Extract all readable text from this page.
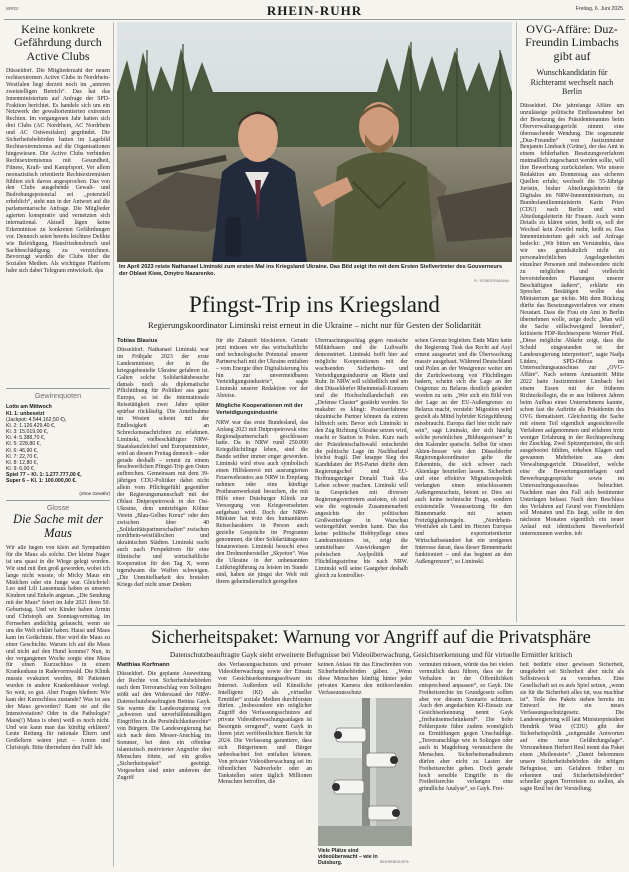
WRGI	RHEIN-RUHR	Freitag, 6. Juni 2025
Keine konkrete Gefährdung durch Active Clubs
Düsseldorf. Die Mitgliederzahl der neuen rechtsextremen Active Clubs in Nordrhein-Westfalen liegt derzeit noch im „unteren zweistelligen Bereich“. Das hat das Innenministerium auf Anfrage der SPD-Fraktion berichtet. Es handele sich um ein Netzwerk der gewaltorientierten extremen Rechten. Im vergangenen Jahr hatten sich drei Clubs (AC Nordrhein, AC Nordrhein und AC Ostwestfalen) gegründet. Die Sicherheitsbehörden hatten im Lagebild Rechtsextremismus auf die Organisationen hingewiesen. Die Active Clubs verbinden Rechtsextremismus mit Gesundheit, Fitness, Kraft- und Kampfsport. Vor allem neonazistisch orientierte Rechtsextremisten fühlten sich davon angesprochen. Das von den Clubs ausgehende Gewalt- und Bedrohungspotenzial sei „potenziell erheblich“, steht nun in der Antwort auf die parlamentarische Anfrage. Die Mitglieder agierten konspirativ und vernetzten sich international. Aktuell lägen keine Erkenntnisse zu konkreten Gefährdungen vor. Dennoch seien bereits leichtere Delikte wie Beleidigung, Hausfriedensbruch und Sachbeschädigung zu verzeichnen. Bevorzugt wurden die Clubs über die Sozialen Medien. Als wichtigste Plattform habe sich dabei Telegram entwickelt. dpa
Gewinnquoten
Lotto am Mittwoch
Kl. 1: unbesetzt
(Jackpot: 4.544.162,50 €),
Kl. 2: 1.126.429,40 €,
Kl. 3: 15.019,00 €,
Kl. 4: 5.388,70 €,
Kl. 5: 228,80 €,
Kl. 6: 46,90 €,
Kl. 7: 22,70 €,
Kl. 8: 12,80 €,
Kl. 9: 6,00 €,
Spiel 77 – Kl. 1: 1.277.777,00 €,
Super 6 – Kl. 1: 100.000,00 €.
(ohne Gewähr)
Glosse
Die Sache mit der Maus
Wir alle hegen von klein auf Sympathien für die Maus als solche. Der kleine Nager ist uns quasi in die Wiege gelegt worden. Wir sind mit ihm groß geworden, wobei ich lange nicht wusste, ob Micky Maus ein Mädchen oder ein Junge war. Gleichviel: Leo und Lili Lausemaus haben es unseren Kindern und Enkeln angetan. „Die Sendung mit der Maus“ feiert im Jahr 2021 ihren 50. Geburtstag. Und wir Kinder haben Armin und Christoph am Sonntagvormittag im Fernsehen andächtig gelauscht, wenn sie uns die Welt erklärt haben. Hausi und Maus kam im Gedächtnis. Hier wird die Maus zu einer Geschichte. Warum ich auf die Maus und nicht auf den Hund komme? Nun, in der vergangenen Woche sorgte eine Maus für einen Kurzschluss in einem Krankenhaus in Radevormwald. Die Klinik musste evakuiert werden, 80 Patienten wurden in andere Krankenhäuser verlegt. So weit, so gut. Aber Fragen bleiben: Wie kam der Kurzschluss zustande? Was ist aus der Maus geworden? Kam sie auf die Intensivstation? Oder in die Pathologie? Maus(!) Maus is oben) weiß es noch nicht. Und wie kann man das künftig erklären? Leute Rettung für rationale Eltern und Großeltern wären jetzt – Armin und Christoph. Bitte übernehmt den Fall! hds
Im April 2023 reiste Nathanael Liminski zum ersten Mal ins Kriegsland Ukraine. Das Bild zeigt ihn mit dem Ersten Stellvertreter des Gouverneurs der Oblast Kiew, Dmytro Nazarenko.
R. SONDERMANN
Pfingst-Trip ins Kriegsland
Regierungskoordinator Liminski reist erneut in die Ukraine – nicht nur für Gesten der Solidarität
Tobias Blasius
Düsseldorf. Nathanael Liminski war im Frühjahr 2023 der erste Landesminister, der in die kriegsgebeutelte Ukraine gefahren ist. Galten solche Solidaritätsbesuche damals noch als diplomatische Pflichtübung für Politiker aus ganz Europa, so ist die internationale Reisetätigkeit zwei Jahre später spürbar rückläufig. Die Anteilnahme im Westen scheint mit der Endlosigkeit an Schreckensnachrichten zu erlahmen. Liminski, vielbeschäftigter NRW-Staatskanzleichef und Europaminister, wird an diesem Freitag dennoch – oder gerade deshalb – erneut zu einem beschwerlichen Pfingst-Trip gen Osten aufbrechen. Gemeinsam mit dem 39-jährigen CDU-Politiker dabei nicht allein vom Pflichtgefühl gegenüber der Regierungsmannschaft mit der Oblast Dnipropetrowsk in der Ost-Ukraine, dem umtriebigen Kölner Verein „Blau-Gelbes Kreuz“ oder den zwischen über 40 „Solidaritätspartnerschaften“ zwischen nordrhein-westfälischen und ukrainischen Städten. Liminski sucht auch nach Perspektiven für eine filmtische und wirtschaftliche Kooperation für den Tag X, wenn irgendwann die Waffen schweigen. „Die Unmittelbarkeit des brutalen Kriegs darf nicht unser Denken
für die Zukunft blockieren. Gerade jetzt müssen wir das wirtschaftliche und technologische Potenzial unserer Partnerschaft mit der Ukraine entfalten – vom Energie über Digitalisierung bis hin zur unvermeidbaren Verteidigungsindustrie“, sagte Liminski unserer Redaktion vor der Abreise.
Mögliche Kooperationen mit der Verteidigungsindustrie
NRW war das erste Bundesland, das Anfang 2023 mit Dnipropetrowsk eine Regionalpartnerschaft geschlossen hatte. Da in NRW rund 250.000 Kriegsflüchtlinge leben, sind die Bande seither immer enger geworden. Liminski wird etwa auch symbolisch einen Hilfskonvoi mit ausrangierten Feuerwehrautos aus NRW in Empfang nehmen oder eine künftige Prothesenwerkstatt besuchen, die mit Hilfe einer Duisburger Klinik zur Versorgung von Kriegsversehrten aufgebaut wird. Doch der NRW-Minister hat trotz des humanitären Reisecharakters in Person auch gezielte Gespräche im Programm genommen, die über Solidaritätsgesten hinausweisen. Liminski besucht etwa den Drohnenhersteller „Skyeton“. Was die Ukraine in der unbenannten Luftkriegführung zu leisten im Stande sind, haben sie jüngst der Welt mit ihrem geheimdienstlich geregelten
Überraschungsschlag gegen russische Militärbasen und die Luftwaffe demonstriert. Liminski hofft hier auf mögliche Kooperationen mit der wachsenden Sicherheits- und Verteidigungsindustrie an Rhein und Ruhr. In NRW soll schließlich und um den Düsseldorfer Rheinmetall-Konzern und die Hochschullandschaft ein „Defense Cluster“ gestärkt werden. So makaber es klingt: Praxiserfahrene ukrainische Partner können da extrem hilfreich sein. Bevor sich Liminski in den Zug Richtung Ukraine setzen wird, macht er Station in Polen. Kurz nach der Präsidentschaftswahl entscheidet die politische Lage im Nachbarland höchst fragil. Der knappe Sieg des Kandidaten der PiS-Partei dürfte dem Regierungschef und EU-Hoffnungsträger Donald Tusk das Leben schwer machen. Liminski will in Gesprächen mit diversen Regierungsvertretern ausloten, ob und wie die regionale Zusammenarbeit angesichts der politischen Großwetterlage in Warschau weitergeführt werden kann. Das das keine politische Hobbypflege eines Landesministers ist, zeigt die unmittelbare Auswirkungen der polnischen Asylpolitik auf Flüchtlingsströme bis nach NRW. Liminski will seine Gastgeber deshalb gleich zu kontrollier-
schen Grenze begleiten. Ende März hatte die Regierung Tusk das Recht auf Asyl erneut ausgesetzt und die Überwachung massiv ausgebaut. Während Deutschland und Polen an der Westgrenze weiter um die Zurückweisung von Flüchtlingen hadern, scheint sich die Lage an der Ostgrenze zu Belarus deutlich geändert worden zu sein. „Wer sich ein Bild von der Lage an der EU-Außengrenze zu Belarus macht, versteht: Migration wird gezielt als Mittel hybrider Kriegsführung missbraucht. Europa darf hier nicht naiv sein“, sagt Liminski, der sich häufig solche persönlichen „Bildungsreisen“ in den Kalender quetscht. Selbst für einen Akten-fresser wie den Düsseldorfer Regierungskoordinator gelte die Erkenntnis, die sich schwer nach Aktenlage beurteilen lassen. Sicherheit und eine effektive Migrationspolitik verlangten einen entschlossenen Außengrenzschutz, betont er. Dies sei auch keine technische Frage, sondern existenzielle Voraussetzung für den Binnenmarkt mit seinen Freizügigkeitsregeln. „Nordrhein-Westfalen als Land im Herzen Europas und exportorientierter Wirtschaftsstandort hat ein ureigenes Interesse daran, dass dieser Binnenmarkt funktioniert – und das beginnt an den Außengrenzen“, so Liminski.
OVG-Affäre: Duz-Freundin Limbachs gibt auf
Wunschkandidatin für Richteramt wechselt nach Berlin
Düsseldorf. Die jahrelange Affäre um unzulässige politische Einflussnahme bei der Besetzung des Präsidentenamtes beim Oberverwaltungsgericht nimmt eine überraschende Wendung. Die sogenannte „Duz-Freundin“ von Justizminister Benjamin Limbach (Grüne), der das Amt in einem fehlerhaften Besetzungsverfahren mutmaßlich zugeschanzt werden sollte, will ihre Bewerbung zurückziehen. Wie unsere Redaktion am Donnerstag aus sicheren Quellen erfuhr, wechselt die 55-Jährige Juristin, bisher Abteilungsleiterin für Digitales im NRW-Innenministerium, zu Bundesfamilienministerin Karin Prien (CDU) nach Berlin und wird Abteilungsleiterin für Frauen. Auch wenn Details zu klären seien, heißt es, soll der Wechsel kein Zweifel mehr, heißt es. Das Innenministerium gab sich auf Anfrage bedeckt: „Wir bitten um Verständnis, dass wir uns grundsätzlich nicht zu personalrechtlichen Angelegenheiten einzelner Personen und insbesondere nicht zu möglichen und vielleicht bevorstehenden Planungen unserer Beschäftigten äußern“, erklärte ein Sprecher. Bestätigen wollte das Ministerium gar nichts. Mit dem Rückzug dürfte das Besetzungsverfahren vor einem Neustart. Dass die Frau ein Amt in Berlin übernehmen wolle, zeige doch: „Man will die Sache stillschweigend beenden“, kritisierte FDP-Rechtsexperte Werner Pfeil. „Diese mögliche Abkehr zeigt, dass die Schuld eingestanden ist der Landesregierung interpretiert“, sagte Nadja Lüders, SPD-Obfrau im Untersuchungsausschuss zur „OVG-Affäre“. Nach seinem Amtsantritt Mitte 2022 hatte Justizminister Limbach bei einem Essen mit der früheren Richterkollegin, die er aus früheren Jahren beim Aufbau eines Unternehmens kannte, schon fast die Auftritte als Präsidentin des OVG thematisiert. Gleichzeitig die Sache mit einem Teil eigentlich angesichtsvolle Verfahren aufgenommen und erfahren trotz weniger Erfahrung in der Rechtsprechung der Zuschlag. Zwei Spitzenjuristen, die sich ausgebootet fühlten, erheben Klagen und gewannen Mehrheiten aus dem Verwaltungsgericht Düsseldorf, welche eine die Bewertungsunterlagen und Bewerbungsgespräche sowie im Untersuchungsausschuss beleuchtet. Nachdem man den Fall sich bestimmter Unterlagen befasst. Nach dem Beschluss des Verfahren auf Grund von Formfehlern soll Monaten und Eis liegt, sollte in den nächsten Monaten eigentlich ein neuer Anlauf mit identischem Bewerberfeld unternommen werden. tob
Sicherheitspaket: Warnung vor Angriff auf die Privatsphäre
Datenschutzbeauftragte Gayk sieht erweiterte Befugnisse bei Videoüberwachung, Gesichtserkennung und für virtuelle Ermittler kritisch
Matthias Korfmann
Düsseldorf. Die geplante Ausweitung der Rechte von Sicherheitsbehörden nach dem Terroranschlag von Solingen stößt auf den Widerstand der NRW-Datenschutzbeauftragten Bettina Gayk. Sie warnte die Landesregierung vor „schweren und unverhältnismäßigen Eingriffen in die Persönlichkeitsrechte“ von Bürgern. Die Landesregierung hat sich nach dem Messer-Anschlag im Sommer, bei dem ein offenbar islamistisch motivierter Angreifer drei Menschen tötete, auf ein großes „Sicherheitspaket“ geeinigt. Vorgesehen sind unter anderem der Zugriff
des Verfassungsschutzes und privater Videoüberwachung sowie der Einsatz von Gesichtserkennungssoftware im Internet. Außerdem soll Künstliche Intelligenz (KI) als „virtueller Ermittler“ soziale Medien durchforsten dürfen. „Insbesondere ein möglicher Zugriff des Verfassungsschutzes auf private Videoüberwachungsanlagen ist Besorgnis erregend“, warnt Gayk in ihrem jetzt veröffentlichten Bericht für 2024. Die Verfassung garantiere, dass sich Bürgerinnen und Bürger unbeobachtet frei entfalten können. Von privater Videoüberwachung sei im öffentlichen Nahverkehr oder an Tankstellen seien täglich Millionen Menschen betroffen, die
keinen Anlass für das Einschreiten von Sicherheitsbehörden gäben. „Wenn diese Menschen künftig hinter jeder privaten Kamera den mithorchenden Verfassungsschutz
Viele Plätze sind videoüberwacht – wie in Duisburg.	BEHRENDS/DPA
vermuten müssen, würde das bei vielen vermutlich dazu führen, dass sie ihr Verhalten in der Öffentlichkeit entsprechend anpassen“, so Gayk. Die Freiheitsrechte im Grundgesetz sollten aber vor diesem Szenario schützen. Auch den angedachten KI-Einsatz zur Gesichtserkennung nennt Gayk „freiheitseinschränkend“. Die hohe Fehlerquote führe zudem womöglich zu Ermittlungen gegen Unschuldige. „Terroranschläge wie in Solingen oder auch in Magdeburg verunsichern die Menschen. Sicherheitsmaßnahmen dürfen aber nicht zu Lasten der Freiheitsrechte gehen. Doch gerade hoch sensible Eingriffe in die Freiheitsrechte verlangen eine gründliche Analyse“, so Gayk. Frei-
heit bedürfe einer gewissen Sicherheit, umgekehrt sei Sicherheit aber nicht als Selbstzweck zu verstehen. Eine Gesellschaft sei es aufs Spiel setzen, „wenn sie für die Sicherheit alles tut, was machbar ist“. Teile des Pakets stehen bereits im Entwurf für ein neues Verfassungsschutzgesetz. Die Landesregierung will laut Ministerpräsident Hendrik Wüst (CDU) gibt der Sicherheitspolitik „zeitgemäße Antworten auf eine neue Gefährdungslage“. Vorzunehmen Herbert Reul nennt das Paket einen „Meilenstein“. „Damit bekommen unsere Sicherheitsbehörden die nötigen Befugnisse, um Gefahren früher zu erkennen und Sicherheitsbehörden“ schneller gegen Terroristen zu stellen, als sagte Reul bei der Vorstellung.
